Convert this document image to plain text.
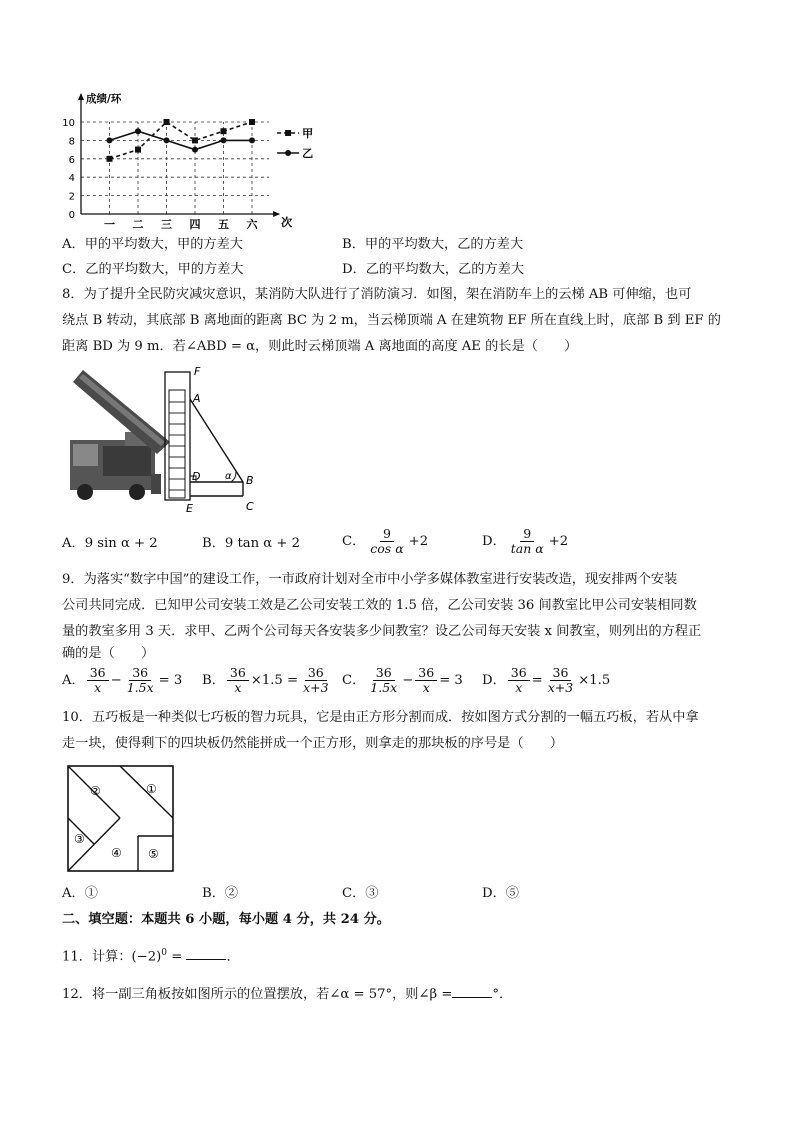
0
2
4
6
8
10
一 二 三 四 五 六
成绩/环
次
甲
乙
A．甲的平均数大，甲的方差大	B．甲的平均数大，乙的方差大
C．乙的平均数大，甲的方差大	D．乙的平均数大，乙的方差大
8．为了提升全民防灾减灾意识，某消防大队进行了消防演习．如图，架在消防车上的云梯 AB 可伸缩，也可
绕点 B 转动，其底部 B 离地面的距离 BC 为 2 m，当云梯顶端 A 在建筑物 EF 所在直线上时，底部 B 到 EF 的
距离 BD 为 9 m．若∠ABD = α，则此时云梯顶端 A 离地面的高度 AE 的长是（　　）
F
A
D α B
E	C
A．9 sin α + 2	B．9 tan α + 2	C． $\frac{9}{\text{cos α}} +2$	D． $\frac{9}{\text{tan α}} +2$
9．为落实“数字中国”的建设工作，一市政府计划对全市中小学多媒体教室进行安装改造，现安排两个安装
公司共同完成．已知甲公司安装工效是乙公司安装工效的 1.5 倍，乙公司安装 36 间教室比甲公司安装相同数
量的教室多用 3 天．求甲、乙两个公司每天各安装多少间教室？设乙公司每天安装 x 间教室，则列出的方程正
确的是（　　）
A． $\frac{36}{x} - \frac{36}{1.5x} = 3$ B． $\frac{36}{x} \times 1.5 = \frac{36}{x+3}$ C． $\frac{36}{1.5x} - \frac{36}{x} = 3$ D． $\frac{36}{x} = \frac{36}{x+3} \times 1.5$
10．五巧板是一种类似七巧板的智力玩具，它是由正方形分割而成．按如图方式分割的一幅五巧板，若从中拿
走一块，使得剩下的四块板仍然能拼成一个正方形，则拿走的那块板的序号是（　　）
②	①
③
④ ⑤
A．①	B．②	C．③	D．⑤
二、填空题：本题共 6 小题，每小题 4 分，共 24 分。
11．计算：$(-2)^0$ =	．
12．将一副三角板按如图所示的位置摆放，若∠α = 57°，则∠β =	°．
